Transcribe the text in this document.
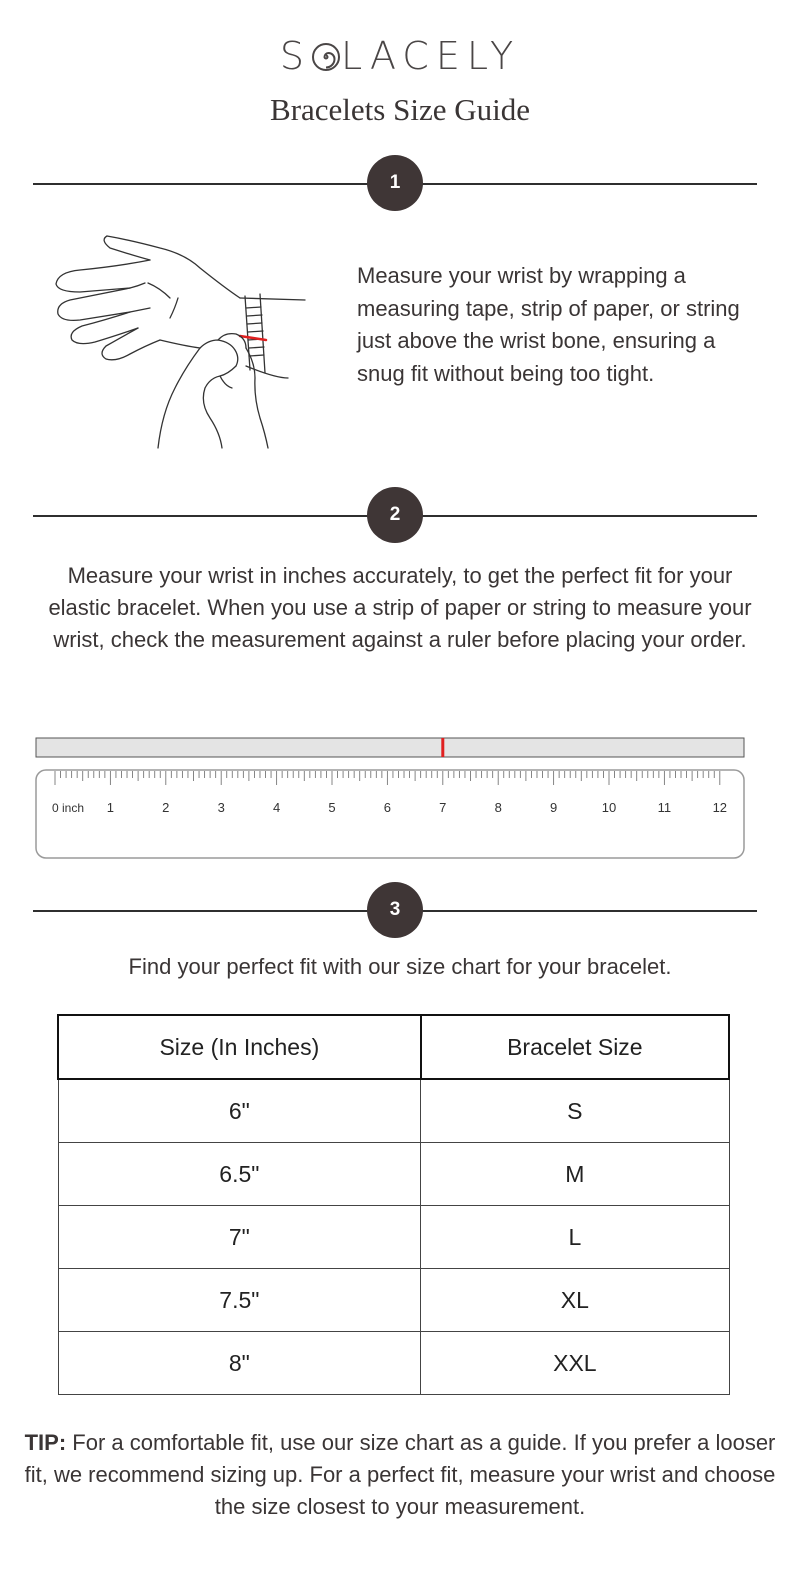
S LACELY
Bracelets Size Guide
1
Measure your wrist by wrapping a measuring tape, strip of paper, or string just above the wrist bone, ensuring a snug fit without being too tight.
2
Measure your wrist in inches accurately, to get the perfect fit for your elastic bracelet. When you use a strip of paper or string to measure your wrist, check the measurement against a ruler before placing your order.
0 inch 1	2	3	4	5	6	7	8	9	10	11	12
3
Find your perfect fit with our size chart for your bracelet.
Size (In Inches)	Bracelet Size
6"	S
6.5"	M
7"	L
7.5"	XL
8"	XXL
TIP: For a comfortable fit, use our size chart as a guide. If you prefer a looser fit, we recommend sizing up. For a perfect fit, measure your wrist and choose the size closest to your measurement.
